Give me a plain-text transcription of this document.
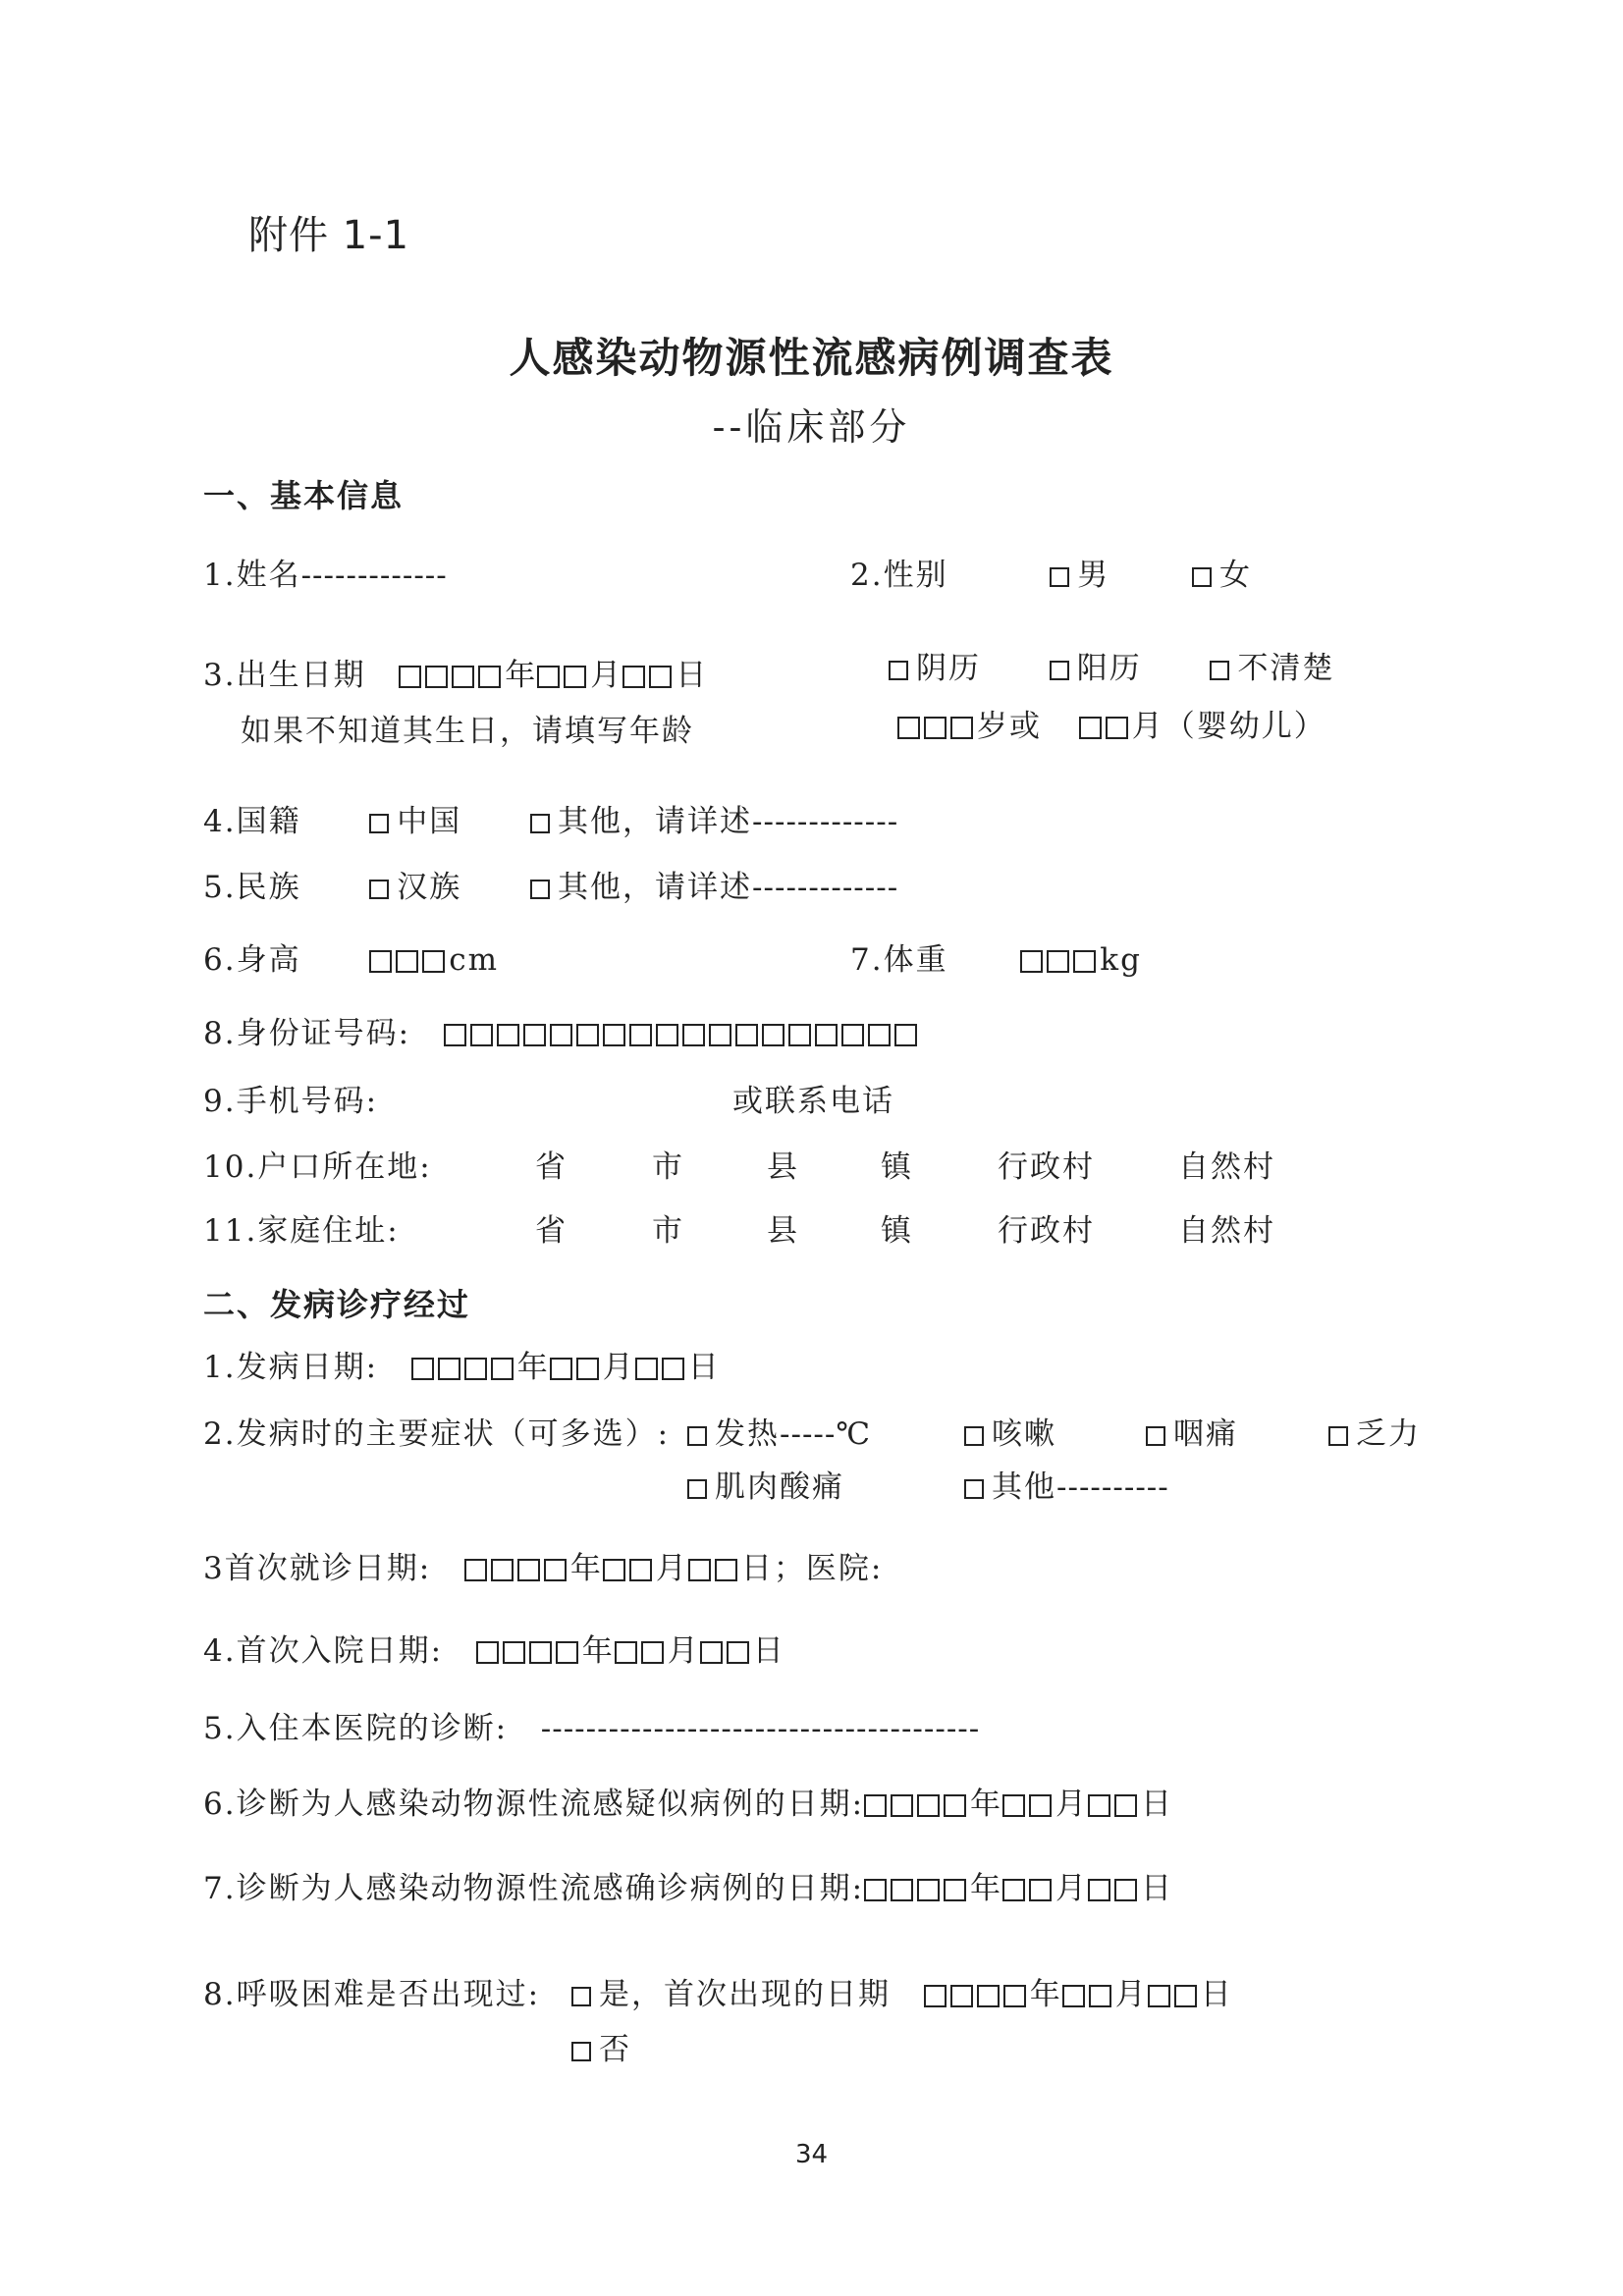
附件 1-1
人感染动物源性流感病例调查表
--临床部分
一、基本信息
1.姓名-------------	2.性别	男	女
3.出生日期	年 月 日	阴历	阳历	不清楚
如果不知道其生日，请填写年龄	岁或	月（婴幼儿）
4.国籍	中国	其他，请详述-------------
5.民族	汉族	其他，请详述-------------
6.身高	cm	7.体重	kg
8.身份证号码:
9.手机号码:	或联系电话
10.户口所在地:	省	市	县	镇	行政村	自然村
11.家庭住址:	省	市	县	镇	行政村	自然村
二、发病诊疗经过
1.发病日期:	年 月 日
2.发病时的主要症状（可多选）:	发热-----℃	咳嗽	咽痛	乏力
肌肉酸痛	其他----------
3首次就诊日期:	年 月 日；医院:
4.首次入院日期:	年 月 日
5.入住本医院的诊断: ---------------------------------------
6.诊断为人感染动物源性流感疑似病例的日期:	年 月 日
7.诊断为人感染动物源性流感确诊病例的日期:	年 月 日
8.呼吸困难是否出现过:	是，首次出现的日期	年 月 日
否
34
